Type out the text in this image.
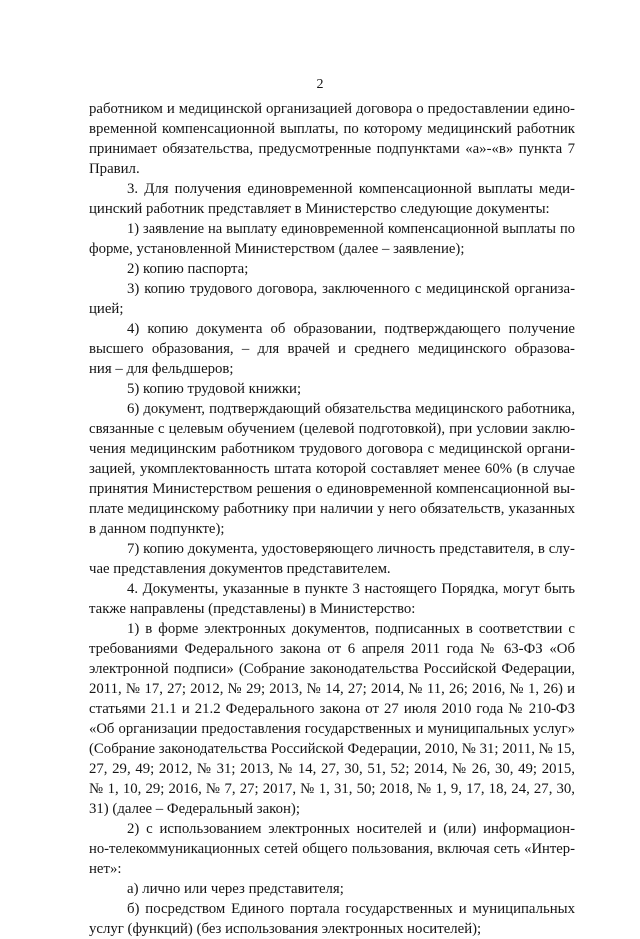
2
работником и медицинской организацией договора о предоставлении едино-
временной компенсационной выплаты, по которому медицинский работник
принимает обязательства, предусмотренные подпунктами «а»-«в» пункта 7
Правил.
3. Для получения единовременной компенсационной выплаты меди-
цинский работник представляет в Министерство следующие документы:
1) заявление на выплату единовременной компенсационной выплаты по
форме, установленной Министерством (далее – заявление);
2) копию паспорта;
3) копию трудового договора, заключенного с медицинской организа-
цией;
4) копию документа об образовании, подтверждающего получение
высшего образования, – для врачей и среднего медицинского образова-
ния – для фельдшеров;
5) копию трудовой книжки;
6) документ, подтверждающий обязательства медицинского работника,
связанные с целевым обучением (целевой подготовкой), при условии заклю-
чения медицинским работником трудового договора с медицинской органи-
зацией, укомплектованность штата которой составляет менее 60% (в случае
принятия Министерством решения о единовременной компенсационной вы-
плате медицинскому работнику при наличии у него обязательств, указанных
в данном подпункте);
7) копию документа, удостоверяющего личность представителя, в слу-
чае представления документов представителем.
4. Документы, указанные в пункте 3 настоящего Порядка, могут быть
также направлены (представлены) в Министерство:
1) в форме электронных документов, подписанных в соответствии с
требованиями Федерального закона от 6 апреля 2011 года № 63-ФЗ «Об
электронной подписи» (Собрание законодательства Российской Федерации,
2011, № 17, 27; 2012, № 29; 2013, № 14, 27; 2014, № 11, 26; 2016, № 1, 26) и
статьями 21.1 и 21.2 Федерального закона от 27 июля 2010 года № 210-ФЗ
«Об организации предоставления государственных и муниципальных услуг»
(Собрание законодательства Российской Федерации, 2010, № 31; 2011, № 15,
27, 29, 49; 2012, № 31; 2013, № 14, 27, 30, 51, 52; 2014, № 26, 30, 49; 2015,
№ 1, 10, 29; 2016, № 7, 27; 2017, № 1, 31, 50; 2018, № 1, 9, 17, 18, 24, 27, 30,
31) (далее – Федеральный закон);
2) с использованием электронных носителей и (или) информацион-
но-телекоммуникационных сетей общего пользования, включая сеть «Интер-
нет»:
а) лично или через представителя;
б) посредством Единого портала государственных и муниципальных
услуг (функций) (без использования электронных носителей);
